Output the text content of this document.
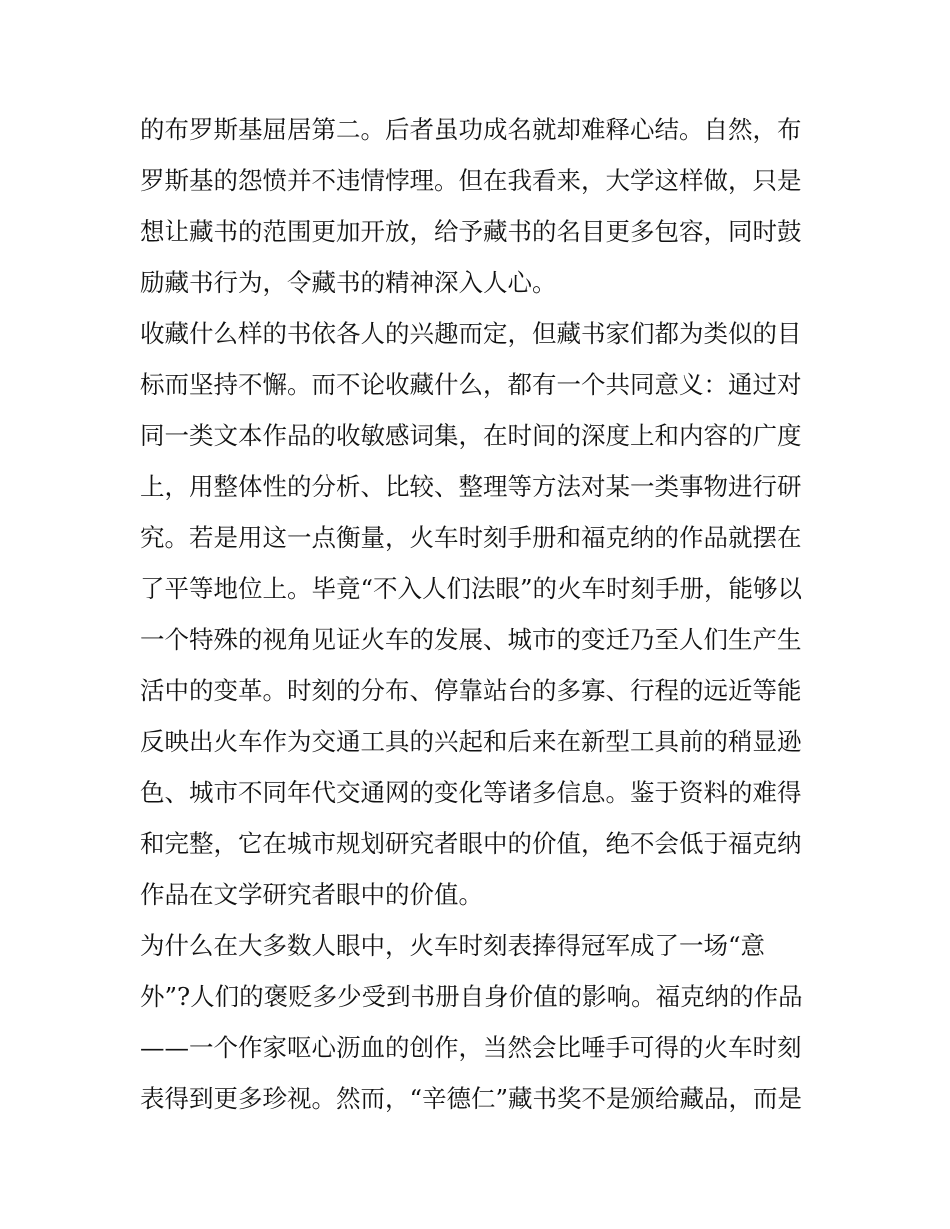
的布罗斯基屈居第二。后者虽功成名就却难释心结。自然，布
罗斯基的怨愤并不违情悖理。但在我看来，大学这样做，只是
想让藏书的范围更加开放，给予藏书的名目更多包容，同时鼓
励藏书行为，令藏书的精神深入人心。
收藏什么样的书依各人的兴趣而定，但藏书家们都为类似的目
标而坚持不懈。而不论收藏什么，都有一个共同意义：通过对
同一类文本作品的收敏感词集，在时间的深度上和内容的广度
上，用整体性的分析、比较、整理等方法对某一类事物进行研
究。若是用这一点衡量，火车时刻手册和福克纳的作品就摆在
了平等地位上。毕竟“不入人们法眼”的火车时刻手册，能够以
一个特殊的视角见证火车的发展、城市的变迁乃至人们生产生
活中的变革。时刻的分布、停靠站台的多寡、行程的远近等能
反映出火车作为交通工具的兴起和后来在新型工具前的稍显逊
色、城市不同年代交通网的变化等诸多信息。鉴于资料的难得
和完整，它在城市规划研究者眼中的价值，绝不会低于福克纳
作品在文学研究者眼中的价值。
为什么在大多数人眼中，火车时刻表捧得冠军成了一场“意
外”?人们的褒贬多少受到书册自身价值的影响。福克纳的作品
——一个作家呕心沥血的创作，当然会比唾手可得的火车时刻
表得到更多珍视。然而，“辛德仁”藏书奖不是颁给藏品，而是
